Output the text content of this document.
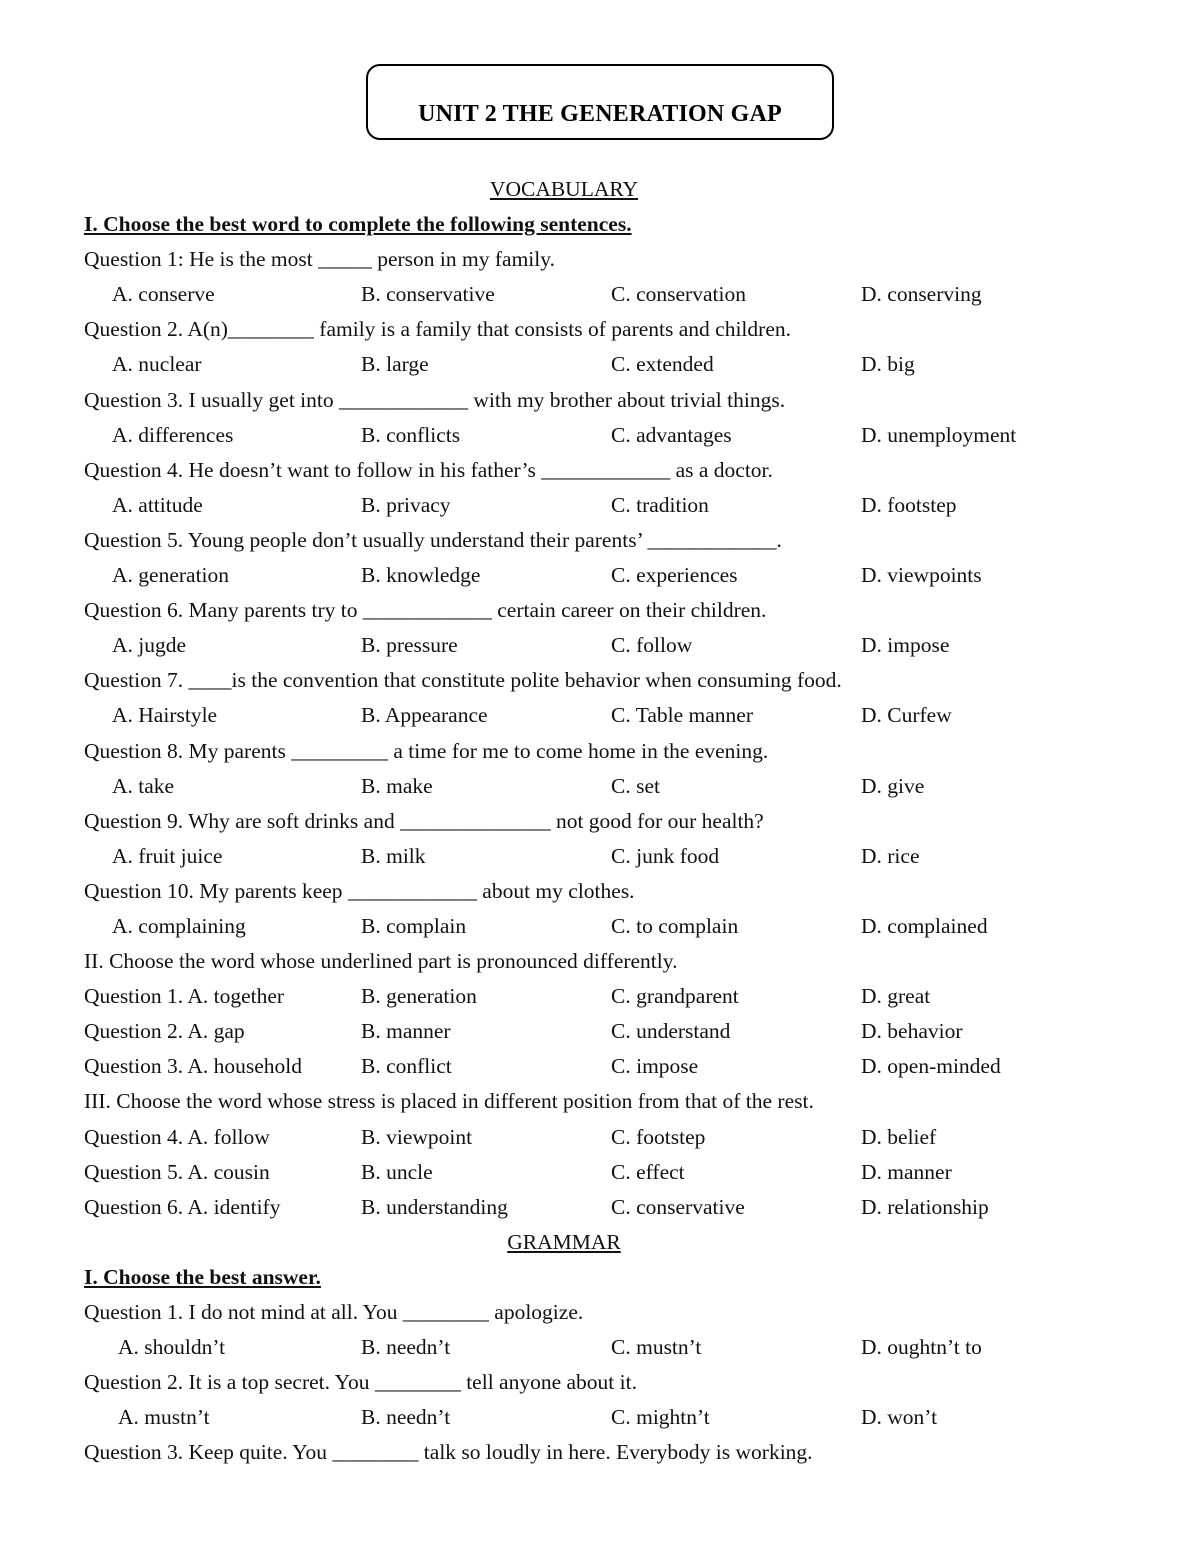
UNIT 2 THE GENERATION GAP
VOCABULARY
I. Choose the best word to complete the following sentences.
Question 1: He is the most _____ person in my family.
A. conserve	B. conservative	C. conservation	D. conserving
Question 2. A(n)________ family is a family that consists of parents and children.
A. nuclear	B. large	C. extended	D. big
Question 3. I usually get into ____________ with my brother about trivial things.
A. differences	B. conflicts	C. advantages	D. unemployment
Question 4. He doesn’t want to follow in his father’s ____________ as a doctor.
A. attitude	B. privacy	C. tradition	D. footstep
Question 5. Young people don’t usually understand their parents’ ____________.
A. generation	B. knowledge	C. experiences	D. viewpoints
Question 6. Many parents try to ____________ certain career on their children.
A. jugde	B. pressure	C. follow	D. impose
Question 7. ____is the convention that constitute polite behavior when consuming food.
A. Hairstyle	B. Appearance	C. Table manner	D. Curfew
Question 8. My parents _________ a time for me to come home in the evening.
A. take	B. make	C. set	D. give
Question 9. Why are soft drinks and ______________ not good for our health?
A. fruit juice	B. milk	C. junk food	D. rice
Question 10. My parents keep ____________ about my clothes.
A. complaining	B. complain	C. to complain	D. complained
II. Choose the word whose underlined part is pronounced differently.
Question 1. A. together	B. generation	C. grandparent	D. great
Question 2. A. gap	B. manner	C. understand	D. behavior
Question 3. A. household	B. conflict	C. impose	D. open-minded
III. Choose the word whose stress is placed in different position from that of the rest.
Question 4. A. follow	B. viewpoint	C. footstep	D. belief
Question 5. A. cousin	B. uncle	C. effect	D. manner
Question 6. A. identify	B. understanding	C. conservative	D. relationship
GRAMMAR
I. Choose the best answer.
Question 1. I do not mind at all. You ________ apologize.
A. shouldn’t	B. needn’t	C. mustn’t	D. oughtn’t to
Question 2. It is a top secret. You ________ tell anyone about it.
A. mustn’t	B. needn’t	C. mightn’t	D. won’t
Question 3. Keep quite. You ________ talk so loudly in here. Everybody is working.
